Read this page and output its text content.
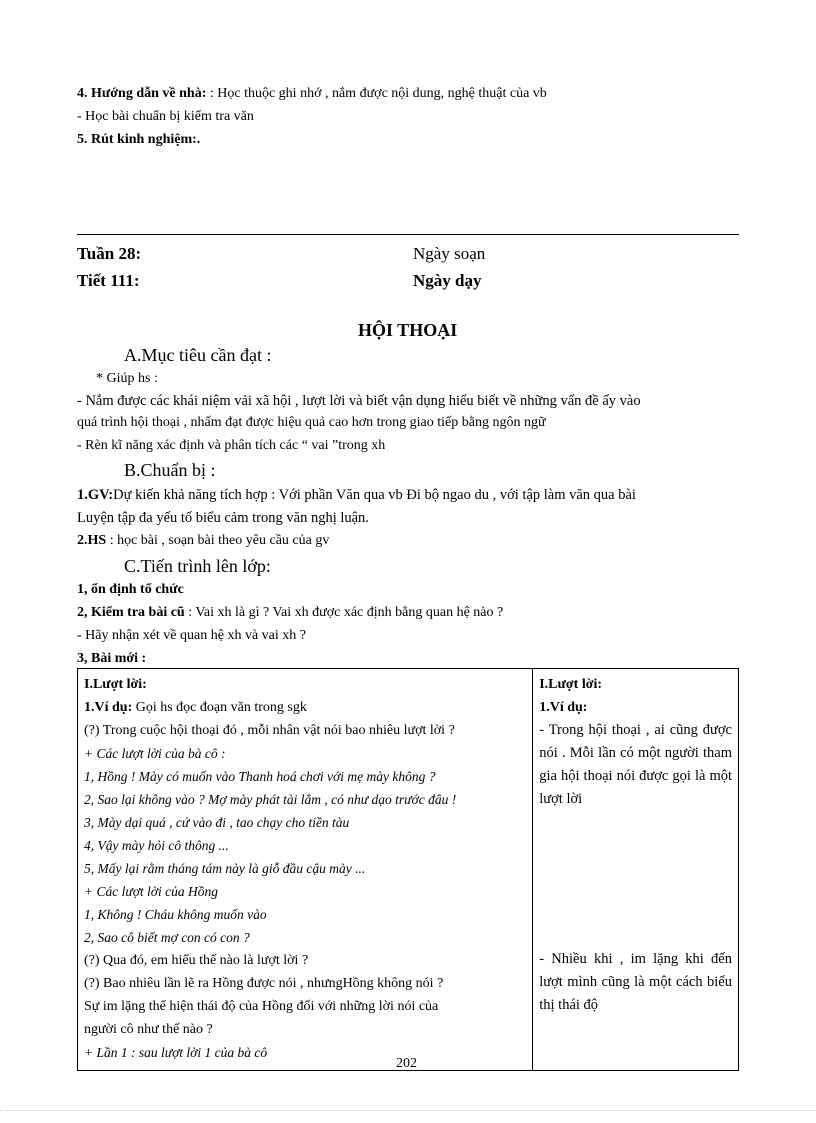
4. Hướng dẫn về nhà: : Học thuộc ghi nhớ , nắm được nội dung, nghệ thuật của vb
- Học bài chuẩn bị kiểm tra văn
5. Rút kinh nghiệm:.
Tuần 28:
Tiết 111:
Ngày soạn
Ngày dạy
HỘI THOẠI
A.Mục tiêu cần đạt :
* Giúp hs :
- Nắm được các khái niệm vải xã hội , lượt lời và biết vận dụng hiểu biết về những vấn đề ấy vào
quá trình hội thoại , nhấm đạt được hiệu quả cao hơn trong giao tiếp bằng ngôn ngữ
- Rèn kĩ năng xác định và phân tích các “ vai ”trong xh
B.Chuẩn bị :
1.GV:Dự kiến khả năng tích hợp : Với phần Văn qua vb Đi bộ ngao du , với tập làm văn qua bài
Luyện tập đa yếu tố biểu cảm trong văn nghị luận.
2.HS : học bài , soạn bài theo yêu cầu của gv
C.Tiến trình lên lớp:
1, ổn định tổ chức
2, Kiểm tra bài cũ : Vai xh là gì ? Vai xh được xác định bằng quan hệ nào ?
- Hãy nhận xét về quan hệ xh và vai xh ?
3, Bài mới :
I.Lượt lời:
1.Ví dụ: Gọi hs đọc đoạn văn trong sgk
(?) Trong cuộc hội thoại đó , mỗi nhân vật nói bao nhiêu lượt lời ?
+ Các lượt lời của bà cô :
1, Hồng ! Mày có muốn vào Thanh hoá chơi với mẹ mày không ?
2, Sao lại không vào ? Mợ mày phát tài lắm , có như dạo trước đâu !
3, Mày dại quá , cứ vào đi , tao chạy cho tiền tàu
4, Vậy mày hỏi cô thông ...
5, Mấy lại rằm tháng tám này là giỗ đầu cậu mày ...
+ Các lượt lời của Hồng
1, Không ! Cháu không muốn vào
2, Sao cô biết mợ con có con ?
(?) Qua đó, em hiểu thế nào là lượt lời ?
(?) Bao nhiêu lần lẽ ra Hồng được nói , nhưngHồng không nói ?
Sự im lặng thể hiện thái độ của Hồng đối với những lời nói của
người cô như thế nào ?
+ Lần 1 : sau lượt lời 1 của bà cô

I.Lượt lời:
1.Ví dụ:
- Trong hội thoại , ai cũng được nói . Mỗi lần có một người tham gia hội thoại nói được gọi là một lượt lời
- Nhiều khi , im lặng khi đến lượt mình cũng là một cách biểu thị thái độ
202
